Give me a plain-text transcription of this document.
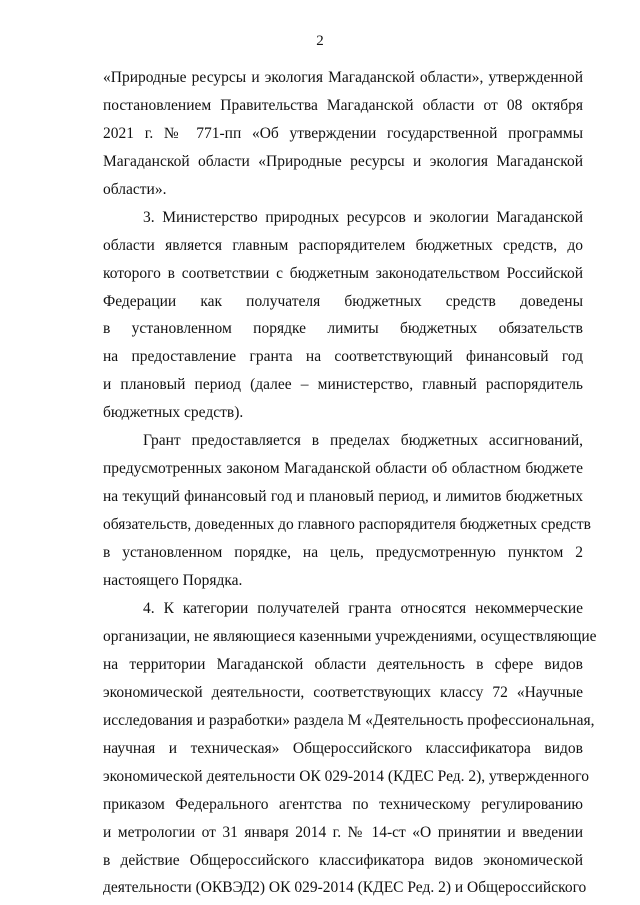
2
«Природные ресурсы и экология Магаданской области», утвержденной
постановлением Правительства Магаданской области от 08 октября
2021 г. № 771-пп «Об утверждении государственной программы
Магаданской области «Природные ресурсы и экология Магаданской
области».
3. Министерство природных ресурсов и экологии Магаданской
области является главным распорядителем бюджетных средств, до
которого в соответствии с бюджетным законодательством Российской
Федерации как получателя бюджетных средств доведены
в установленном порядке лимиты бюджетных обязательств
на предоставление гранта на соответствующий финансовый год
и плановый период (далее – министерство, главный распорядитель
бюджетных средств).
Грант предоставляется в пределах бюджетных ассигнований,
предусмотренных законом Магаданской области об областном бюджете
на текущий финансовый год и плановый период, и лимитов бюджетных
обязательств, доведенных до главного распорядителя бюджетных средств
в установленном порядке, на цель, предусмотренную пунктом 2
настоящего Порядка.
4. К категории получателей гранта относятся некоммерческие
организации, не являющиеся казенными учреждениями, осуществляющие
на территории Магаданской области деятельность в сфере видов
экономической деятельности, соответствующих классу 72 «Научные
исследования и разработки» раздела М «Деятельность профессиональная,
научная и техническая» Общероссийского классификатора видов
экономической деятельности ОК 029-2014 (КДЕС Ред. 2), утвержденного
приказом Федерального агентства по техническому регулированию
и метрологии от 31 января 2014 г. № 14-ст «О принятии и введении
в действие Общероссийского классификатора видов экономической
деятельности (ОКВЭД2) ОК 029-2014 (КДЕС Ред. 2) и Общероссийского
